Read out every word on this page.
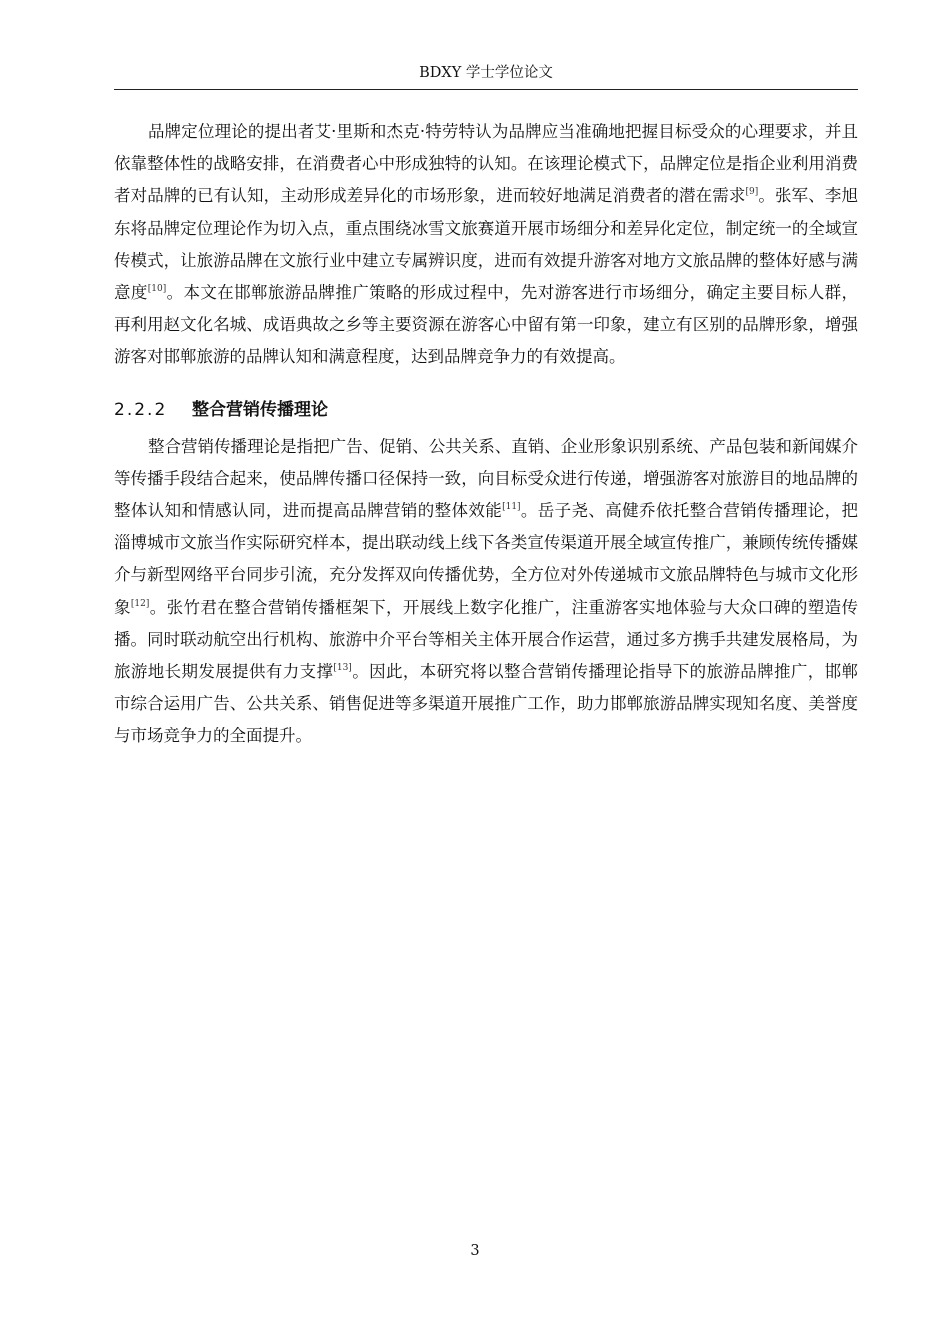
BDXY 学士学位论文

品牌定位理论的提出者艾·里斯和杰克·特劳特认为品牌应当准确地把握目标受众的心理要求，并且依靠整体性的战略安排，在消费者心中形成独特的认知。在该理论模式下，品牌定位是指企业利用消费者对品牌的已有认知，主动形成差异化的市场形象，进而较好地满足消费者的潜在需求[9]。张军、李旭东将品牌定位理论作为切入点，重点围绕冰雪文旅赛道开展市场细分和差异化定位，制定统一的全域宣传模式，让旅游品牌在文旅行业中建立专属辨识度，进而有效提升游客对地方文旅品牌的整体好感与满意度[10]。本文在邯郸旅游品牌推广策略的形成过程中，先对游客进行市场细分，确定主要目标人群，再利用赵文化名城、成语典故之乡等主要资源在游客心中留有第一印象，建立有区别的品牌形象，增强游客对邯郸旅游的品牌认知和满意程度，达到品牌竞争力的有效提高。

2.2.2	整合营销传播理论

整合营销传播理论是指把广告、促销、公共关系、直销、企业形象识别系统、产品包装和新闻媒介等传播手段结合起来，使品牌传播口径保持一致，向目标受众进行传递，增强游客对旅游目的地品牌的整体认知和情感认同，进而提高品牌营销的整体效能[11]。岳子尧、高健乔依托整合营销传播理论，把淄博城市文旅当作实际研究样本，提出联动线上线下各类宣传渠道开展全域宣传推广，兼顾传统传播媒介与新型网络平台同步引流，充分发挥双向传播优势，全方位对外传递城市文旅品牌特色与城市文化形象[12]。张竹君在整合营销传播框架下，开展线上数字化推广，注重游客实地体验与大众口碑的塑造传播。同时联动航空出行机构、旅游中介平台等相关主体开展合作运营，通过多方携手共建发展格局，为旅游地长期发展提供有力支撑[13]。因此，本研究将以整合营销传播理论指导下的旅游品牌推广，邯郸市综合运用广告、公共关系、销售促进等多渠道开展推广工作，助力邯郸旅游品牌实现知名度、美誉度与市场竞争力的全面提升。

3
